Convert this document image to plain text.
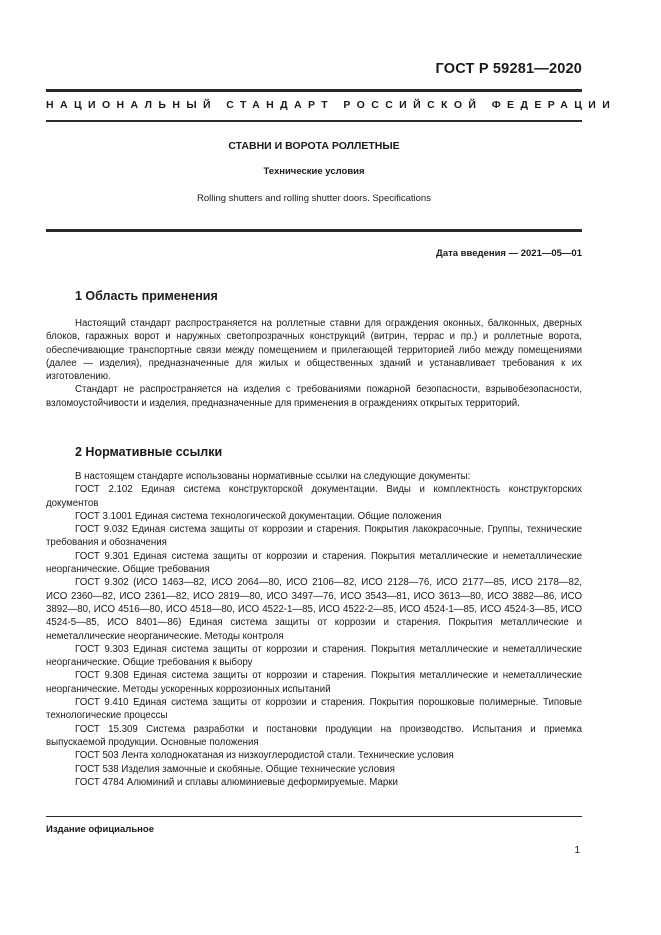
ГОСТ Р 59281—2020
НАЦИОНАЛЬНЫЙ СТАНДАРТ РОССИЙСКОЙ ФЕДЕРАЦИИ
СТАВНИ И ВОРОТА РОЛЛЕТНЫЕ
Технические условия
Rolling shutters and rolling shutter doors. Specifications
Дата введения — 2021—05—01
1 Область применения

Настоящий стандарт распространяется на роллетные ставни для ограждения оконных, балконных, дверных блоков, гаражных ворот и наружных светопрозрачных конструкций (витрин, террас и пр.) и роллетные ворота, обеспечивающие транспортные связи между помещением и прилегающей территорией либо между помещениями (далее — изделия), предназначенные для жилых и общественных зданий и устанавливает требования к их изготовлению.

Стандарт не распространяется на изделия с требованиями пожарной безопасности, взрывобезопасности, взломоустойчивости и изделия, предназначенные для применения в ограждениях открытых территорий.

2 Нормативные ссылки

В настоящем стандарте использованы нормативные ссылки на следующие документы:

ГОСТ 2.102 Единая система конструкторской документации. Виды и комплектность конструкторских документов

ГОСТ 3.1001 Единая система технологической документации. Общие положения

ГОСТ 9.032 Единая система защиты от коррозии и старения. Покрытия лакокрасочные. Группы, технические требования и обозначения

ГОСТ 9.301 Единая система защиты от коррозии и старения. Покрытия металлические и неметаллические неорганические. Общие требования

ГОСТ 9.302 (ИСО 1463—82, ИСО 2064—80, ИСО 2106—82, ИСО 2128—76, ИСО 2177—85, ИСО 2178—82, ИСО 2360—82, ИСО 2361—82, ИСО 2819—80, ИСО 3497—76, ИСО 3543—81, ИСО 3613—80, ИСО 3882—86, ИСО 3892—80, ИСО 4516—80, ИСО 4518—80, ИСО 4522-1—85, ИСО 4522-2—85, ИСО 4524-1—85, ИСО 4524-3—85, ИСО 4524-5—85, ИСО 8401—86) Единая система защиты от коррозии и старения. Покрытия металлические и неметаллические неорганические. Методы контроля

ГОСТ 9.303 Единая система защиты от коррозии и старения. Покрытия металлические и неметаллические неорганические. Общие требования к выбору

ГОСТ 9.308 Единая система защиты от коррозии и старения. Покрытия металлические и неметаллические неорганические. Методы ускоренных коррозионных испытаний

ГОСТ 9.410 Единая система защиты от коррозии и старения. Покрытия порошковые полимерные. Типовые технологические процессы

ГОСТ 15.309 Система разработки и постановки продукции на производство. Испытания и приемка выпускаемой продукции. Основные положения

ГОСТ 503 Лента холоднокатаная из низкоуглеродистой стали. Технические условия

ГОСТ 538 Изделия замочные и скобяные. Общие технические условия

ГОСТ 4784 Алюминий и сплавы алюминиевые деформируемые. Марки

Издание официальное
1
